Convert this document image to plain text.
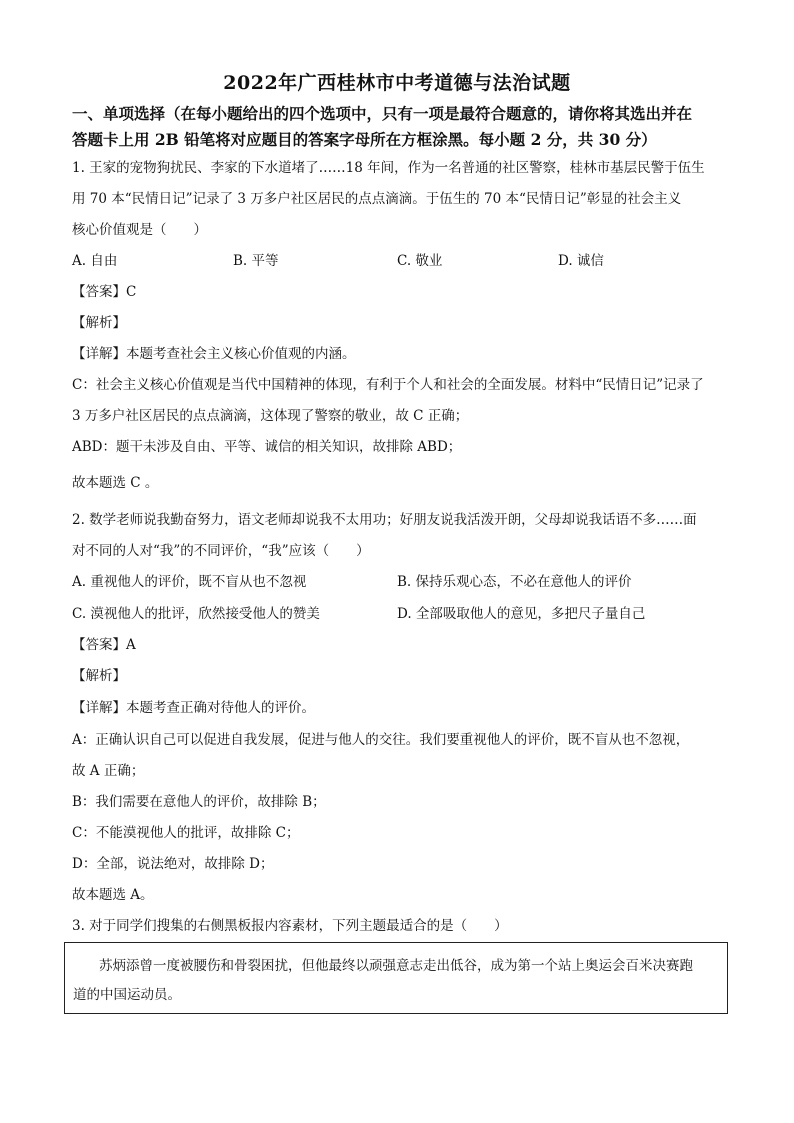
2022年广西桂林市中考道德与法治试题
一、单项选择（在每小题给出的四个选项中，只有一项是最符合题意的，请你将其选出并在
答题卡上用 2B 铅笔将对应题目的答案字母所在方框涂黑。每小题 2 分，共 30 分）
1. 王家的宠物狗扰民、李家的下水道堵了……18 年间，作为一名普通的社区警察，桂林市基层民警于伍生
用 70 本“民情日记”记录了 3 万多户社区居民的点点滴滴。于伍生的 70 本“民情日记”彰显的社会主义
核心价值观是（　　）
A. 自由	B. 平等	C. 敬业	D. 诚信
【答案】C
【解析】
【详解】本题考查社会主义核心价值观的内涵。
C：社会主义核心价值观是当代中国精神的体现，有利于个人和社会的全面发展。材料中“民情日记”记录了
3 万多户社区居民的点点滴滴，这体现了警察的敬业，故 C 正确；
ABD：题干未涉及自由、平等、诚信的相关知识，故排除 ABD；
故本题选 C 。
2. 数学老师说我勤奋努力，语文老师却说我不太用功；好朋友说我活泼开朗，父母却说我话语不多……面
对不同的人对“我”的不同评价，“我”应该（　　）
A. 重视他人的评价，既不盲从也不忽视	B. 保持乐观心态，不必在意他人的评价
C. 漠视他人的批评，欣然接受他人的赞美	D. 全部吸取他人的意见，多把尺子量自己
【答案】A
【解析】
【详解】本题考查正确对待他人的评价。
A：正确认识自己可以促进自我发展，促进与他人的交往。我们要重视他人的评价，既不盲从也不忽视，
故 A 正确；
B：我们需要在意他人的评价，故排除 B；
C：不能漠视他人的批评，故排除 C；
D：全部，说法绝对，故排除 D；
故本题选 A。
3. 对于同学们搜集的右侧黑板报内容素材，下列主题最适合的是（　　）
苏炳添曾一度被腰伤和骨裂困扰，但他最终以顽强意志走出低谷，成为第一个站上奥运会百米决赛跑
道的中国运动员。
